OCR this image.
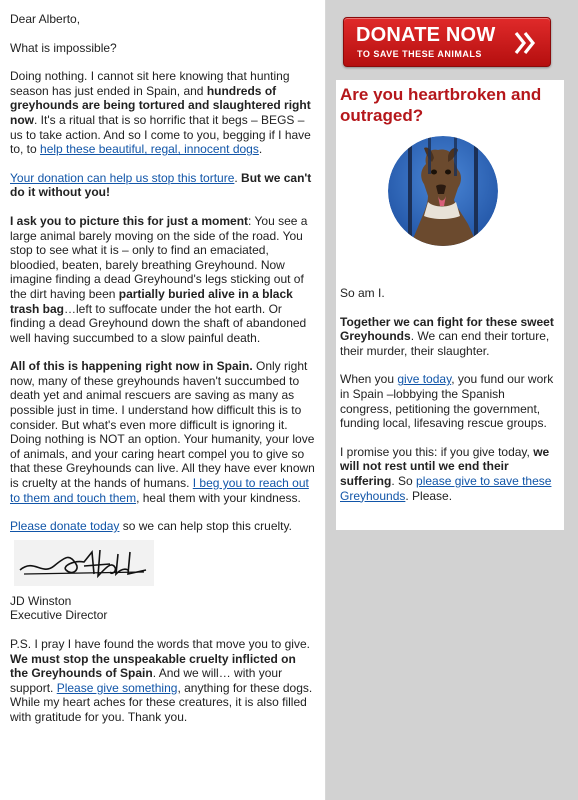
Dear Alberto,

What is impossible?

Doing nothing. I cannot sit here knowing that hunting season has just ended in Spain, and hundreds of greyhounds are being tortured and slaughtered right now. It's a ritual that is so horrific that it begs – BEGS – us to take action. And so I come to you, begging if I have to, to help these beautiful, regal, innocent dogs.

Your donation can help us stop this torture. But we can't do it without you!

I ask you to picture this for just a moment: You see a large animal barely moving on the side of the road. You stop to see what it is – only to find an emaciated, bloodied, beaten, barely breathing Greyhound. Now imagine finding a dead Greyhound's legs sticking out of the dirt having been partially buried alive in a black trash bag…left to suffocate under the hot earth. Or finding a dead Greyhound down the shaft of abandoned well having succumbed to a slow painful death.

All of this is happening right now in Spain. Only right now, many of these greyhounds haven't succumbed to death yet and animal rescuers are saving as many as possible just in time. I understand how difficult this is to consider. But what's even more difficult is ignoring it. Doing nothing is NOT an option. Your humanity, your love of animals, and your caring heart compel you to give so that these Greyhounds can live. All they have ever known is cruelty at the hands of humans. I beg you to reach out to them and touch them, heal them with your kindness.

Please donate today so we can help stop this cruelty.

JD Winston
Executive Director

P.S. I pray I have found the words that move you to give. We must stop the unspeakable cruelty inflicted on the Greyhounds of Spain. And we will… with your support. Please give something, anything for these dogs. While my heart aches for these creatures, it is also filled with gratitude for you. Thank you.

DONATE NOW
TO SAVE THESE ANIMALS
Are you heartbroken and outraged?

So am I.

Together we can fight for these sweet Greyhounds. We can end their torture, their murder, their slaughter.

When you give today, you fund our work in Spain –lobbying the Spanish congress, petitioning the government, funding local, lifesaving rescue groups.

I promise you this: if you give today, we will not rest until we end their suffering. So please give to save these Greyhounds. Please.
